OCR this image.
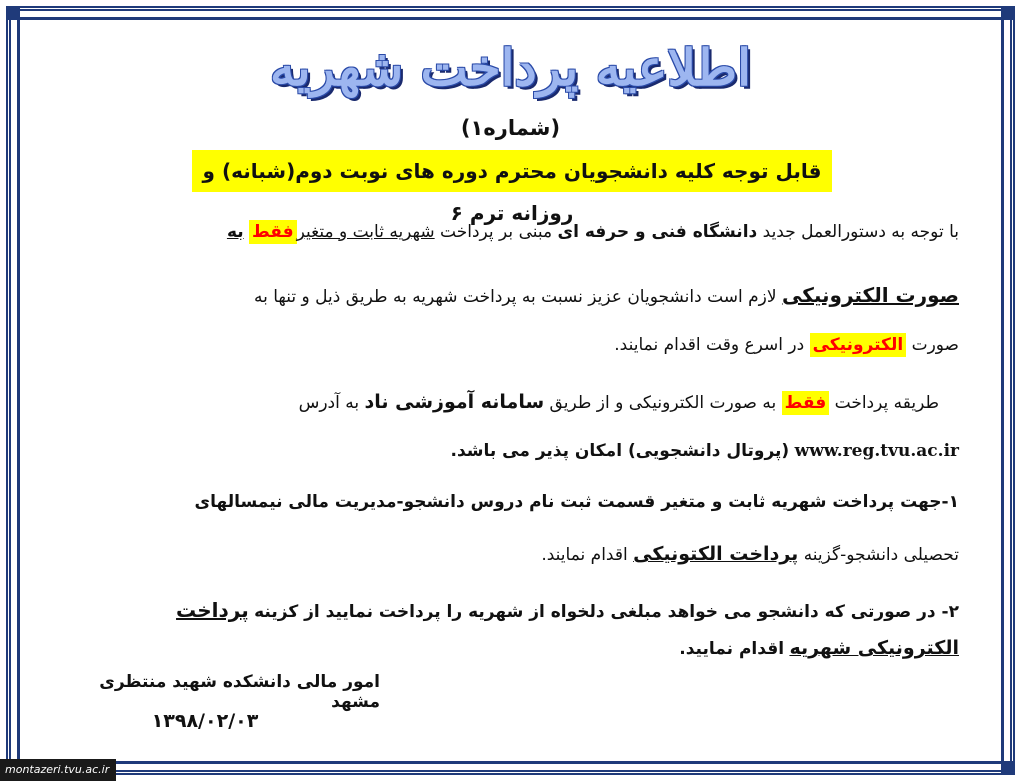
اطلاعیه پرداخت شهریه
(شماره۱)
قابل توجه کلیه دانشجویان محترم دوره های نوبت دوم(شبانه) و روزانه ترم ۶
با توجه به دستورالعمل جدید دانشگاه فنی و حرفه ای مبنی بر پرداخت شهریه ثابت و متغیرفقط به
صورت الکترونیکی لازم است دانشجویان عزیز نسبت به پرداخت شهریه به طریق ذیل و تنها به
صورت الکترونیکی در اسرع وقت اقدام نمایند.
طریقه پرداخت فقط به صورت الکترونیکی و از طریق سامانه آموزشی ناد به آدرس
www.reg.tvu.ac.ir (پروتال دانشجویی) امکان پذیر می باشد.
۱-جهت پرداخت شهریه ثابت و متغیر قسمت ثبت نام دروس دانشجو-مدیریت مالی نیمسالهای
تحصیلی دانشجو-گزینه پرداخت الکتونیکی اقدام نمایند.
۲- در صورتی که دانشجو می خواهد مبلغی دلخواه از شهریه را پرداخت نمایید از کزینه پرداخت
الکترونیکی شهریه اقدام نمایید.
امور مالی دانشکده شهید منتظری مشهد
۱۳۹۸/۰۲/۰۳
montazeri.tvu.ac.ir
